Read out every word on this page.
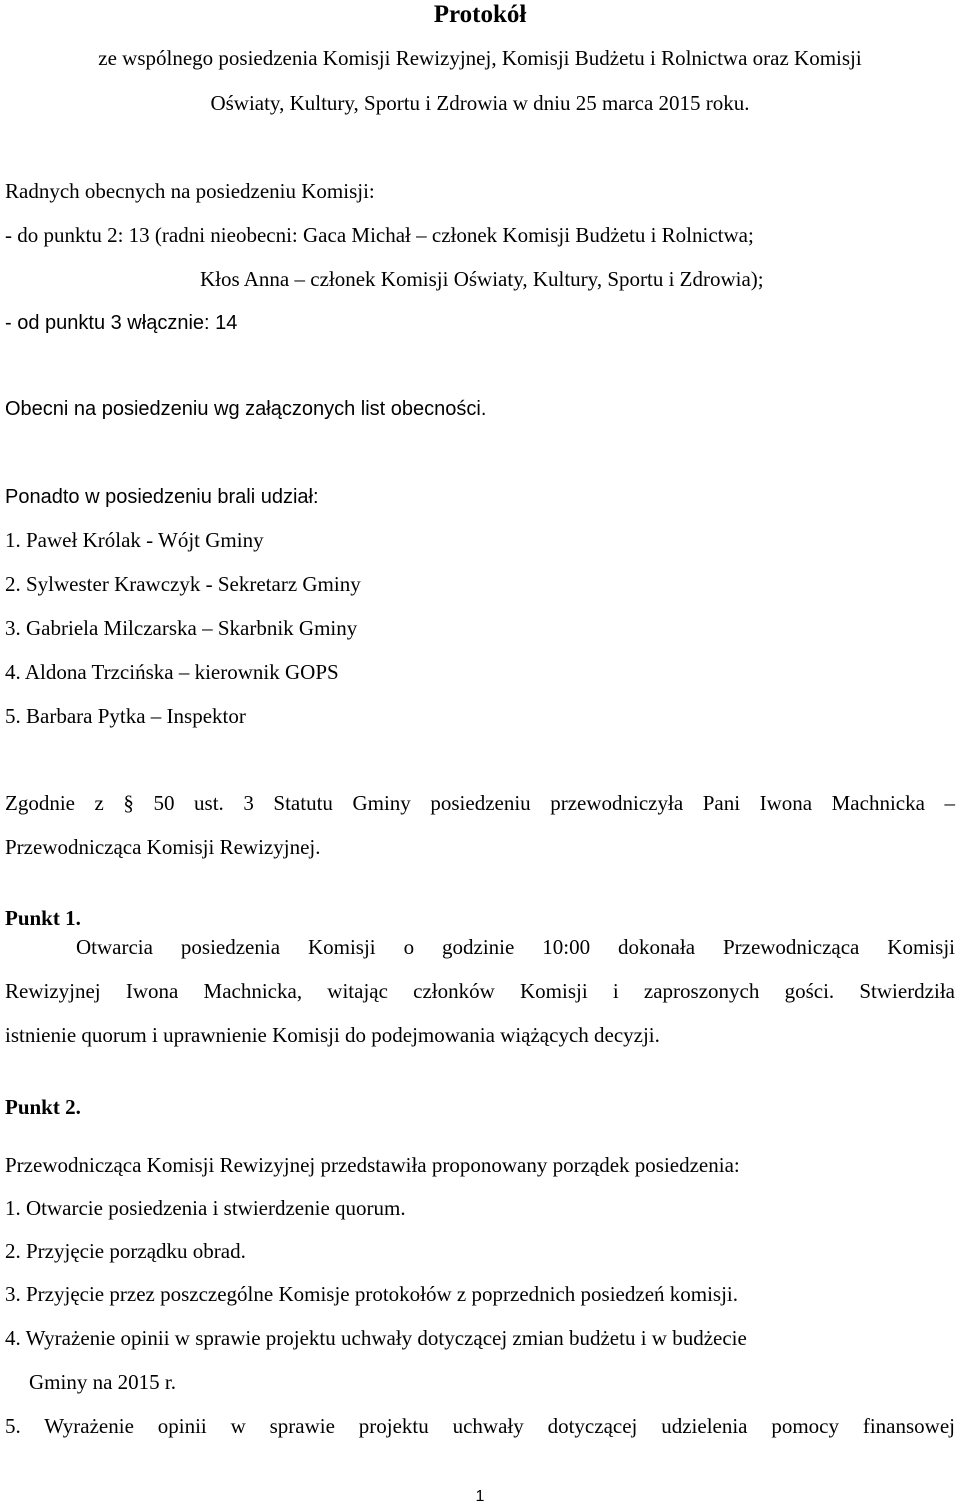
Protokół
ze wspólnego posiedzenia Komisji Rewizyjnej, Komisji Budżetu i Rolnictwa oraz Komisji
Oświaty, Kultury, Sportu i Zdrowia w dniu 25 marca 2015 roku.
Radnych obecnych na posiedzeniu Komisji:
- do punktu 2: 13 (radni nieobecni: Gaca Michał – członek Komisji Budżetu i Rolnictwa;
Kłos Anna – członek Komisji Oświaty, Kultury, Sportu i Zdrowia);
- od punktu 3 włącznie: 14
Obecni na posiedzeniu wg załączonych list obecności.
Ponadto w posiedzeniu brali udział:
1. Paweł Królak - Wójt Gminy
2. Sylwester Krawczyk - Sekretarz Gminy
3. Gabriela Milczarska – Skarbnik Gminy
4. Aldona Trzcińska – kierownik GOPS
5. Barbara Pytka – Inspektor
Zgodnie z § 50 ust. 3 Statutu Gminy posiedzeniu przewodniczyła Pani Iwona Machnicka –
Przewodnicząca Komisji Rewizyjnej.
Punkt 1.
Otwarcia posiedzenia Komisji o godzinie 10:00 dokonała Przewodnicząca Komisji
Rewizyjnej Iwona Machnicka, witając członków Komisji i zaproszonych gości. Stwierdziła
istnienie quorum i uprawnienie Komisji do podejmowania wiążących decyzji.
Punkt 2.
Przewodnicząca Komisji Rewizyjnej przedstawiła proponowany porządek posiedzenia:
1. Otwarcie posiedzenia i stwierdzenie quorum.
2. Przyjęcie porządku obrad.
3. Przyjęcie przez poszczególne Komisje protokołów z poprzednich posiedzeń komisji.
4. Wyrażenie opinii w sprawie projektu uchwały dotyczącej zmian budżetu i w budżecie
Gminy na 2015 r.
5. Wyrażenie opinii w sprawie projektu uchwały dotyczącej udzielenia pomocy finansowej
1
